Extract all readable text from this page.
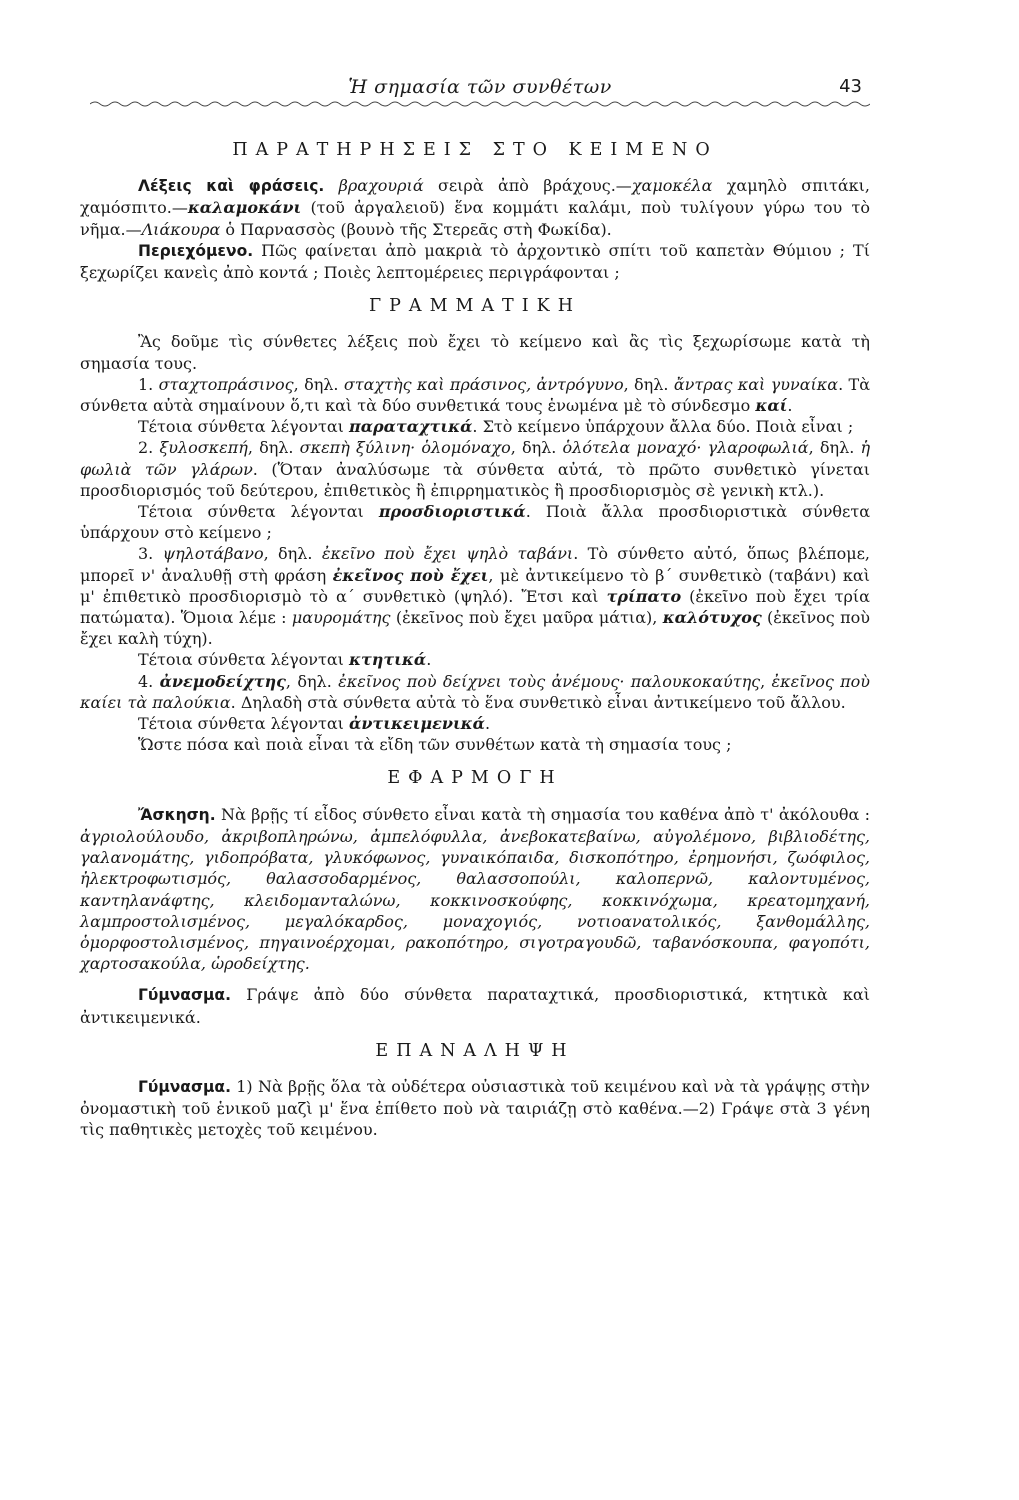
Ἡ σημασία τῶν συνθέτων	43

ΠΑΡΑΤΗΡΗΣΕΙΣ ΣΤΟ ΚΕΙΜΕΝΟ

Λέξεις καὶ φράσεις. βραχουριά σειρὰ ἀπὸ βράχους.—χαμοκέλα χαμηλὸ σπιτάκι, χαμόσπιτο.—καλαμοκάνι (τοῦ ἀργαλειοῦ) ἕνα κομμάτι καλάμι, ποὺ τυλίγουν γύρω του τὸ νῆμα.—Λιάκουρα ὁ Παρνασσὸς (βουνὸ τῆς Στερεᾶς στὴ Φωκίδα).

Περιεχόμενο. Πῶς φαίνεται ἀπὸ μακριὰ τὸ ἀρχοντικὸ σπίτι τοῦ καπετὰν Θύμιου ; Τί ξεχωρίζει κανεὶς ἀπὸ κοντά ; Ποιὲς λεπτομέρειες περιγράφονται ;

ΓΡΑΜΜΑΤΙΚΗ

Ἂς δοῦμε τὶς σύνθετες λέξεις ποὺ ἔχει τὸ κείμενο καὶ ἂς τὶς ξεχωρίσωμε κατὰ τὴ σημασία τους.

1. σταχτοπράσινος, δηλ. σταχτὴς καὶ πράσινος, ἀντρόγυνο, δηλ. ἄντρας καὶ γυναίκα. Τὰ σύνθετα αὐτὰ σημαίνουν ὅ,τι καὶ τὰ δύο συνθετικά τους ἑνωμένα μὲ τὸ σύνδεσμο καί.

Τέτοια σύνθετα λέγονται παραταχτικά. Στὸ κείμενο ὑπάρχουν ἄλλα δύο. Ποιὰ εἶναι ;

2. ξυλοσκεπή, δηλ. σκεπὴ ξύλινη· ὁλομόναχο, δηλ. ὁλότελα μοναχό· γλαροφωλιά, δηλ. ἡ φωλιὰ τῶν γλάρων. (Ὅταν ἀναλύσωμε τὰ σύνθετα αὐτά, τὸ πρῶτο συνθετικὸ γίνεται προσδιορισμός τοῦ δεύτερου, ἐπιθετικὸς ἢ ἐπιρρηματικὸς ἢ προσδιορισμὸς σὲ γενικὴ κτλ.).

Τέτοια σύνθετα λέγονται προσδιοριστικά. Ποιὰ ἄλλα προσδιοριστικὰ σύνθετα ὑπάρχουν στὸ κείμενο ;

3. ψηλοτάβανο, δηλ. ἐκεῖνο ποὺ ἔχει ψηλὸ ταβάνι. Τὸ σύνθετο αὐτό, ὅπως βλέπομε, μπορεῖ ν' ἀναλυθῇ στὴ φράση ἐκεῖνος ποὺ ἔχει, μὲ ἀντικείμενο τὸ β΄ συνθετικὸ (ταβάνι) καὶ μ' ἐπιθετικὸ προσδιορισμὸ τὸ α΄ συνθετικὸ (ψηλό). Ἔτσι καὶ τρίπατο (ἐκεῖνο ποὺ ἔχει τρία πατώματα). Ὅμοια λέμε : μαυρομάτης (ἐκεῖνος ποὺ ἔχει μαῦρα μάτια), καλότυχος (ἐκεῖνος ποὺ ἔχει καλὴ τύχη).

Τέτοια σύνθετα λέγονται κτητικά.

4. ἀνεμοδείχτης, δηλ. ἐκεῖνος ποὺ δείχνει τοὺς ἀνέμους· παλουκοκαύτης, ἐκεῖνος ποὺ καίει τὰ παλούκια. Δηλαδὴ στὰ σύνθετα αὐτὰ τὸ ἕνα συνθετικὸ εἶναι ἀντικείμενο τοῦ ἄλλου.

Τέτοια σύνθετα λέγονται ἀντικειμενικά.

Ὥστε πόσα καὶ ποιὰ εἶναι τὰ εἴδη τῶν συνθέτων κατὰ τὴ σημασία τους ;

ΕΦΑΡΜΟΓΗ

Ἄσκηση. Νὰ βρῇς τί εἶδος σύνθετο εἶναι κατὰ τὴ σημασία του καθένα ἀπὸ τ' ἀκόλουθα : ἀγριολούλουδο, ἀκριβοπληρώνω, ἀμπελόφυλλα, ἀνεβοκατεβαίνω, αὐγολέμονο, βιβλιοδέτης, γαλανομάτης, γιδοπρόβατα, γλυκόφωνος, γυναικόπαιδα, δισκοπότηρο, ἐρημονήσι, ζωόφιλος, ἠλεκτροφωτισμός, θαλασσοδαρμένος, θαλασσοπούλι, καλοπερνῶ, καλοντυμένος, καντηλανάφτης, κλειδομανταλώνω, κοκκινοσκούφης, κοκκινόχωμα, κρεατομηχανή, λαμπροστολισμένος, μεγαλόκαρδος, μοναχογιός, νοτιοανατολικός, ξανθομάλλης, ὁμορφοστολισμένος, πηγαινοέρχομαι, ρακοπότηρο, σιγοτραγουδῶ, ταβανόσκουπα, φαγοπότι, χαρτοσακούλα, ὡροδείχτης.

Γύμνασμα. Γράψε ἀπὸ δύο σύνθετα παραταχτικά, προσδιοριστικά, κτητικὰ καὶ ἀντικειμενικά.

ΕΠΑΝΑΛΗΨΗ

Γύμνασμα. 1) Νὰ βρῇς ὅλα τὰ οὐδέτερα οὐσιαστικὰ τοῦ κειμένου καὶ νὰ τὰ γράψῃς στὴν ὀνομαστικὴ τοῦ ἑνικοῦ μαζὶ μ' ἕνα ἐπίθετο ποὺ νὰ ταιριάζῃ στὸ καθένα.—2) Γράψε στὰ 3 γένη τὶς παθητικὲς μετοχὲς τοῦ κειμένου.
